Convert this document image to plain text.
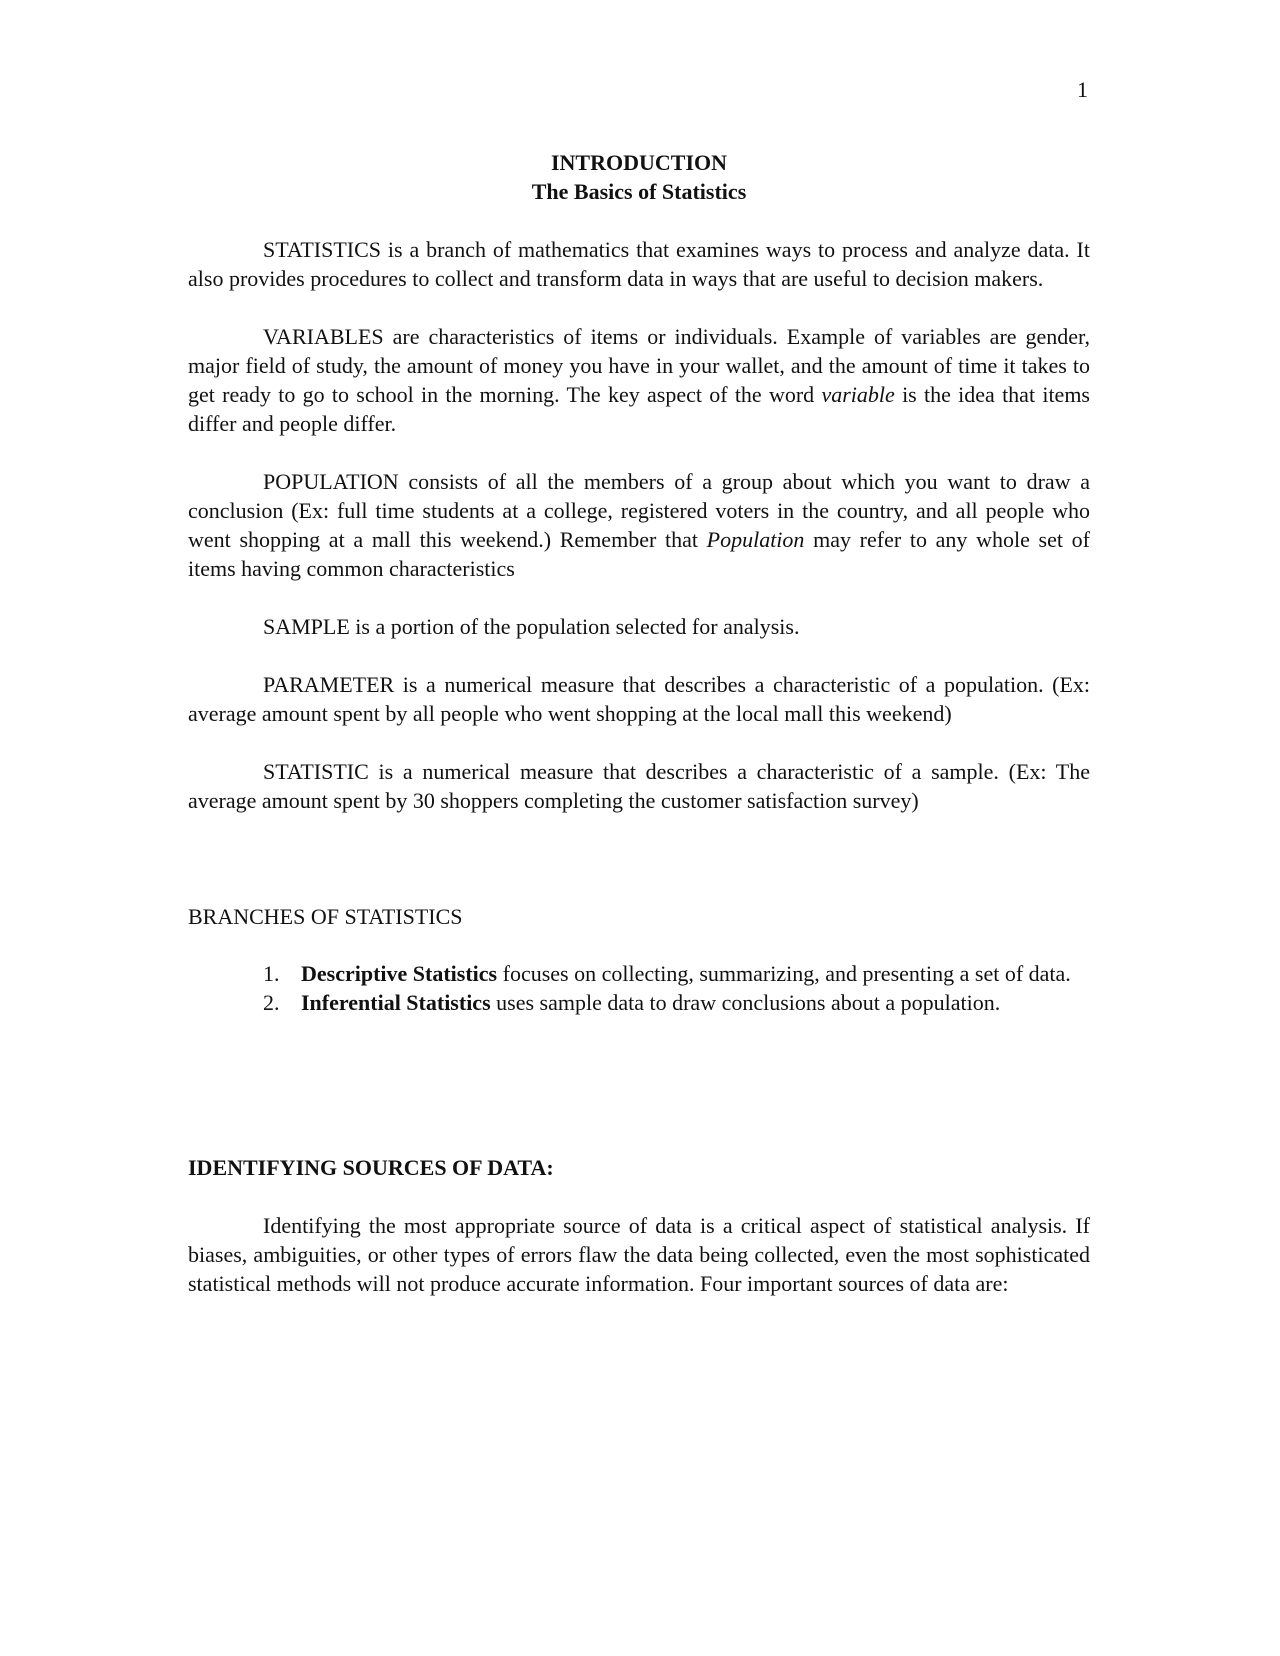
1
INTRODUCTION
The Basics of Statistics

STATISTICS is a branch of mathematics that examines ways to process and analyze data. It also provides procedures to collect and transform data in ways that are useful to decision makers.

VARIABLES are characteristics of items or individuals. Example of variables are gender, major field of study, the amount of money you have in your wallet, and the amount of time it takes to get ready to go to school in the morning. The key aspect of the word variable is the idea that items differ and people differ.

POPULATION consists of all the members of a group about which you want to draw a conclusion (Ex: full time students at a college, registered voters in the country, and all people who went shopping at a mall this weekend.) Remember that Population may refer to any whole set of items having common characteristics

SAMPLE is a portion of the population selected for analysis.

PARAMETER is a numerical measure that describes a characteristic of a population. (Ex: average amount spent by all people who went shopping at the local mall this weekend)

STATISTIC is a numerical measure that describes a characteristic of a sample. (Ex: The average amount spent by 30 shoppers completing the customer satisfaction survey)

BRANCHES OF STATISTICS
1. Descriptive Statistics focuses on collecting, summarizing, and presenting a set of data.
2. Inferential Statistics uses sample data to draw conclusions about a population.
IDENTIFYING SOURCES OF DATA:

Identifying the most appropriate source of data is a critical aspect of statistical analysis. If biases, ambiguities, or other types of errors flaw the data being collected, even the most sophisticated statistical methods will not produce accurate information. Four important sources of data are:
